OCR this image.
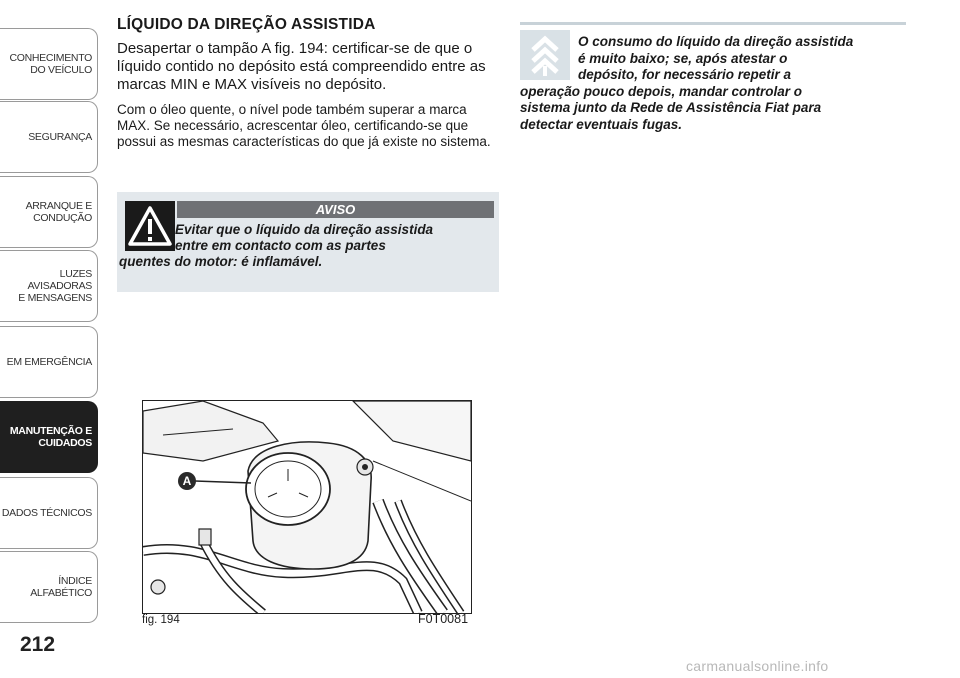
CONHECIMENTO
DO VEÍCULO
SEGURANÇA
ARRANQUE E
CONDUÇÃO
LUZES AVISADORAS
E MENSAGENS
EM EMERGÊNCIA
MANUTENÇÃO E
CUIDADOS
DADOS TÉCNICOS
ÍNDICE ALFABÉTICO
212
LÍQUIDO DA DIREÇÃO ASSISTIDA

Desapertar o tampão A fig. 194: certificar-se de que o líquido contido no depósito está compreendido entre as marcas MIN e MAX visíveis no depósito.

Com o óleo quente, o nível pode também superar a marca MAX. Se necessário, acrescentar óleo, certificando-se que possui as mesmas características do que já existe no sistema.

AVISO
Evitar que o líquido da direção assistida
entre em contacto com as partes
quentes do motor: é inflamável.
O consumo do líquido da direção assistida
é muito baixo; se, após atestar o
depósito, for necessário repetir a
operação pouco depois, mandar controlar o
sistema junto da Rede de Assistência Fiat para
detectar eventuais fugas.
A
fig. 194	F0T0081
carmanualsonline.info
